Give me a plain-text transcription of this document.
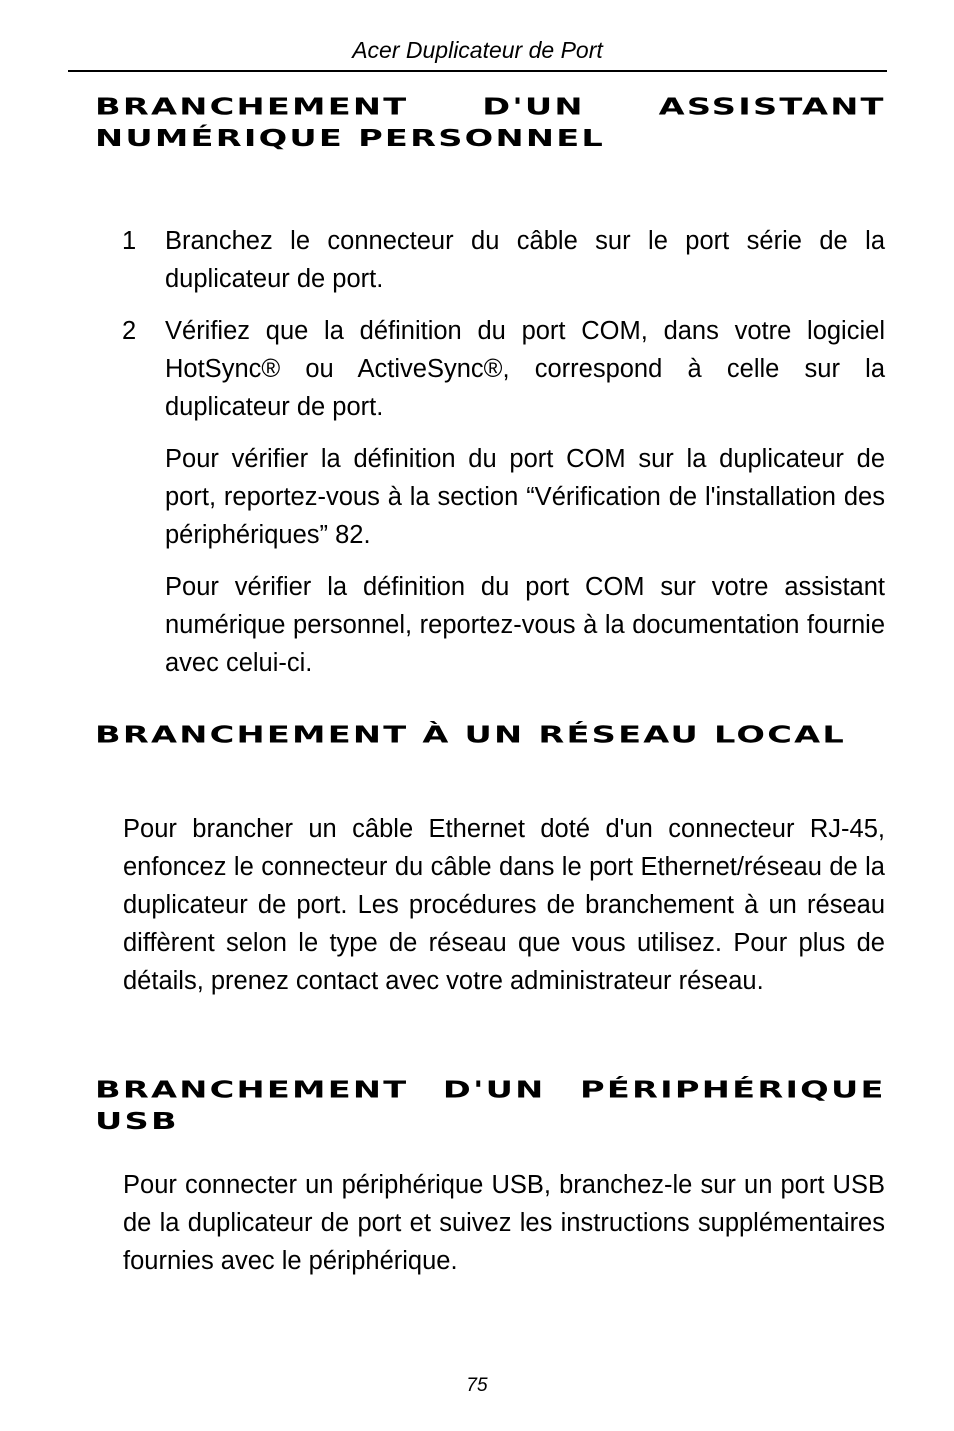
Acer Duplicateur de Port
BRANCHEMENT D'UN ASSISTANT NUMÉRIQUE PERSONNEL
1 Branchez le connecteur du câble sur le port série de la duplicateur de port.

2 Vérifiez que la définition du port COM, dans votre logiciel HotSync® ou ActiveSync®, correspond à celle sur la duplicateur de port.

Pour vérifier la définition du port COM sur la duplicateur de port, reportez-vous à la section “Vérification de l'installation des périphériques” 82.

Pour vérifier la définition du port COM sur votre assistant numérique personnel, reportez-vous à la documentation fournie avec celui-ci.

BRANCHEMENT À UN RÉSEAU LOCAL

Pour brancher un câble Ethernet doté d'un connecteur RJ-45, enfoncez le connecteur du câble dans le port Ethernet/réseau de la duplicateur de port. Les procédures de branchement à un réseau diffèrent selon le type de réseau que vous utilisez. Pour plus de détails, prenez contact avec votre administrateur réseau.

BRANCHEMENT D'UN PÉRIPHÉRIQUE USB

Pour connecter un périphérique USB, branchez-le sur un port USB de la duplicateur de port et suivez les instructions supplémentaires fournies avec le périphérique.

75
